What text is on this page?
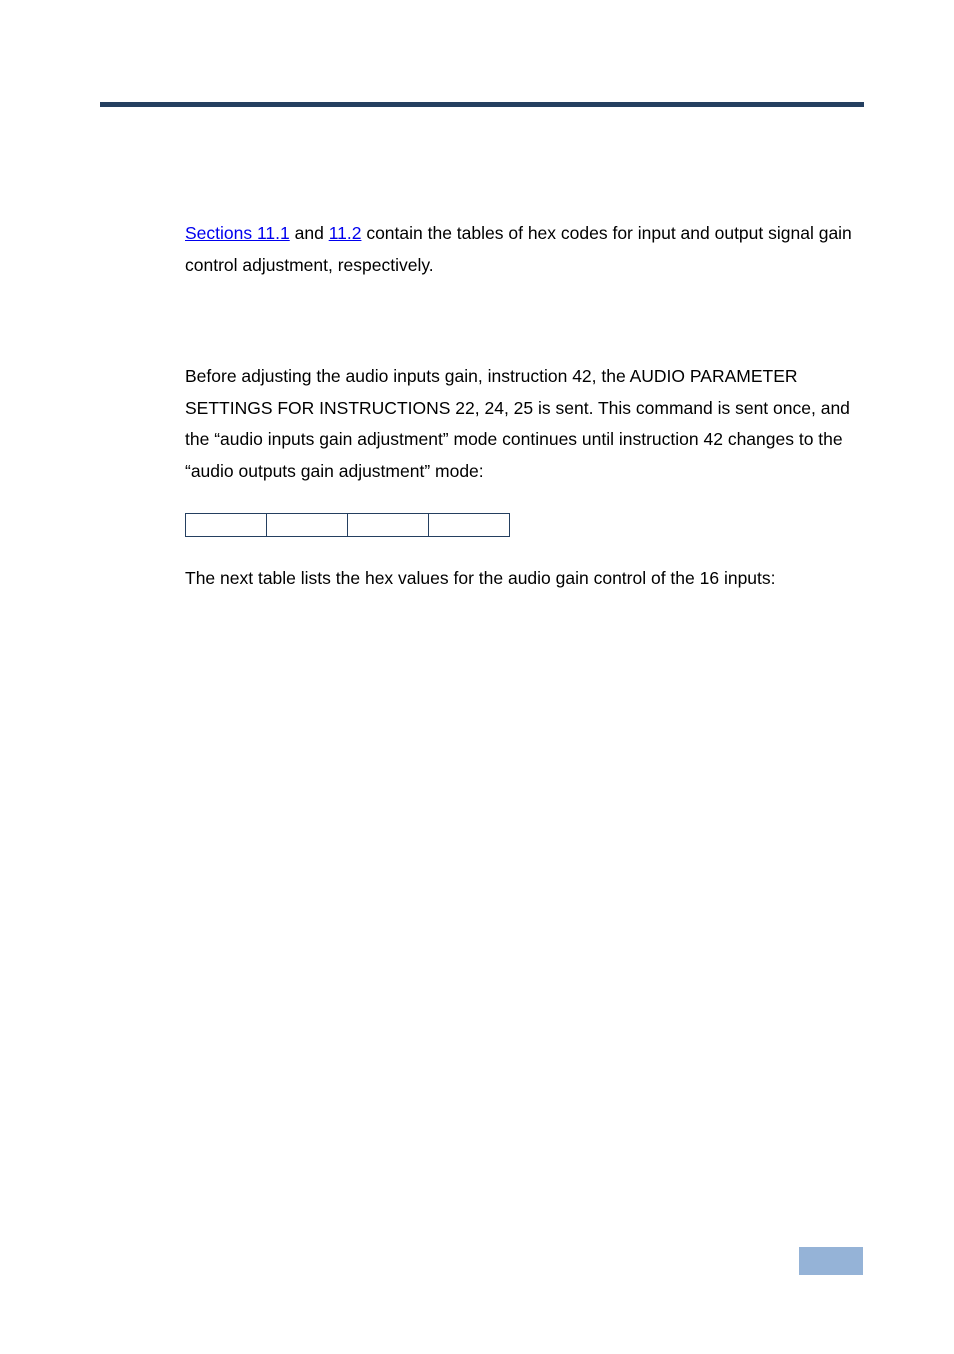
Sections 11.1 and 11.2 contain the tables of hex codes for input and output signal gain control adjustment, respectively.

Before adjusting the audio inputs gain, instruction 42, the AUDIO PARAMETER SETTINGS FOR INSTRUCTIONS 22, 24, 25 is sent. This command is sent once, and the “audio inputs gain adjustment” mode continues until instruction 42 changes to the “audio outputs gain adjustment” mode:

The next table lists the hex values for the audio gain control of the 16 inputs:
